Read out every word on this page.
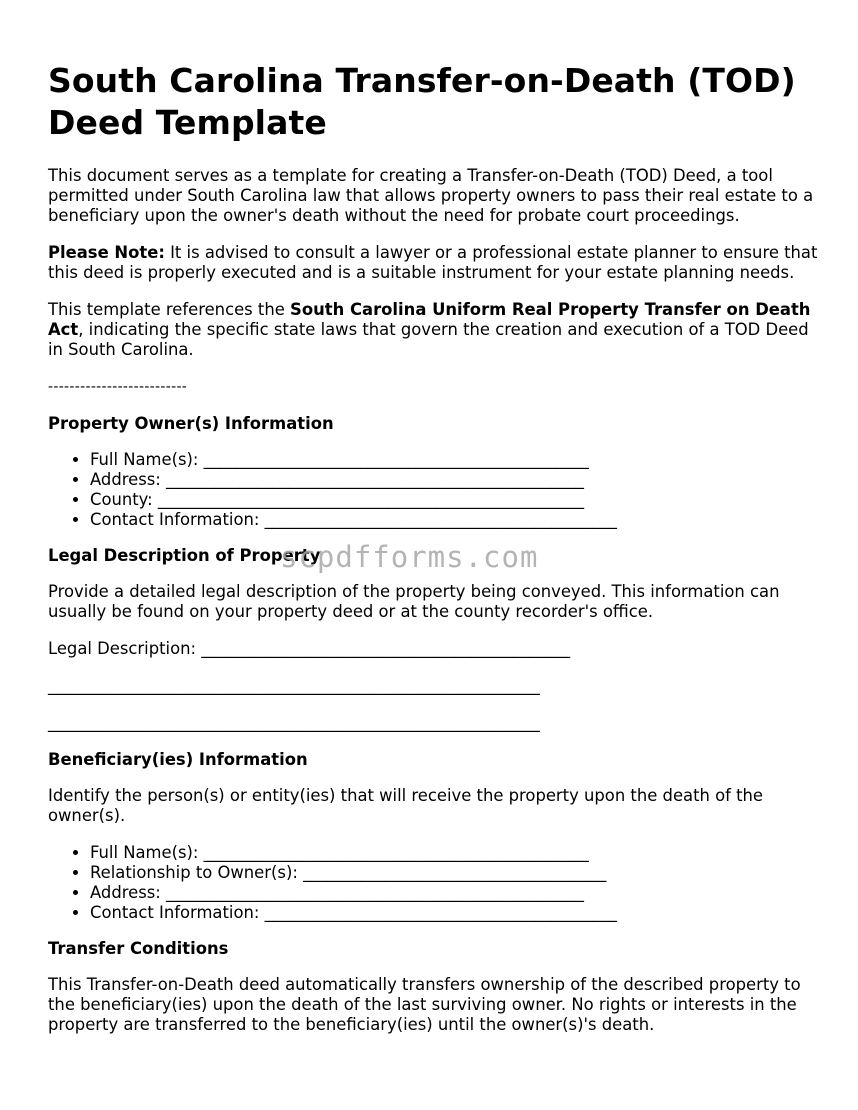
South Carolina Transfer-on-Death (TOD) Deed Template

This document serves as a template for creating a Transfer-on-Death (TOD) Deed, a tool permitted under South Carolina law that allows property owners to pass their real estate to a beneficiary upon the owner's death without the need for probate court proceedings.

Please Note: It is advised to consult a lawyer or a professional estate planner to ensure that this deed is properly executed and is a suitable instrument for your estate planning needs.

This template references the South Carolina Uniform Real Property Transfer on Death Act, indicating the specific state laws that govern the creation and execution of a TOD Deed in South Carolina.

--------------------------
Property Owner(s) Information
• Full Name(s): _______________________________________________
• Address: ___________________________________________________
• County: ____________________________________________________
• Contact Information: ___________________________________________
Legal Description of Property

Provide a detailed legal description of the property being conveyed. This information can usually be found on your property deed or at the county recorder's office.

Legal Description: _____________________________________________
____________________________________________________________
____________________________________________________________
Beneficiary(ies) Information

Identify the person(s) or entity(ies) that will receive the property upon the death of the owner(s).

• Full Name(s): _______________________________________________
• Relationship to Owner(s): _____________________________________
• Address: ___________________________________________________
• Contact Information: ___________________________________________
Transfer Conditions

This Transfer-on-Death deed automatically transfers ownership of the described property to the beneficiary(ies) upon the death of the last surviving owner. No rights or interests in the property are transferred to the beneficiary(ies) until the owner(s)'s death.

scpdfforms.com
